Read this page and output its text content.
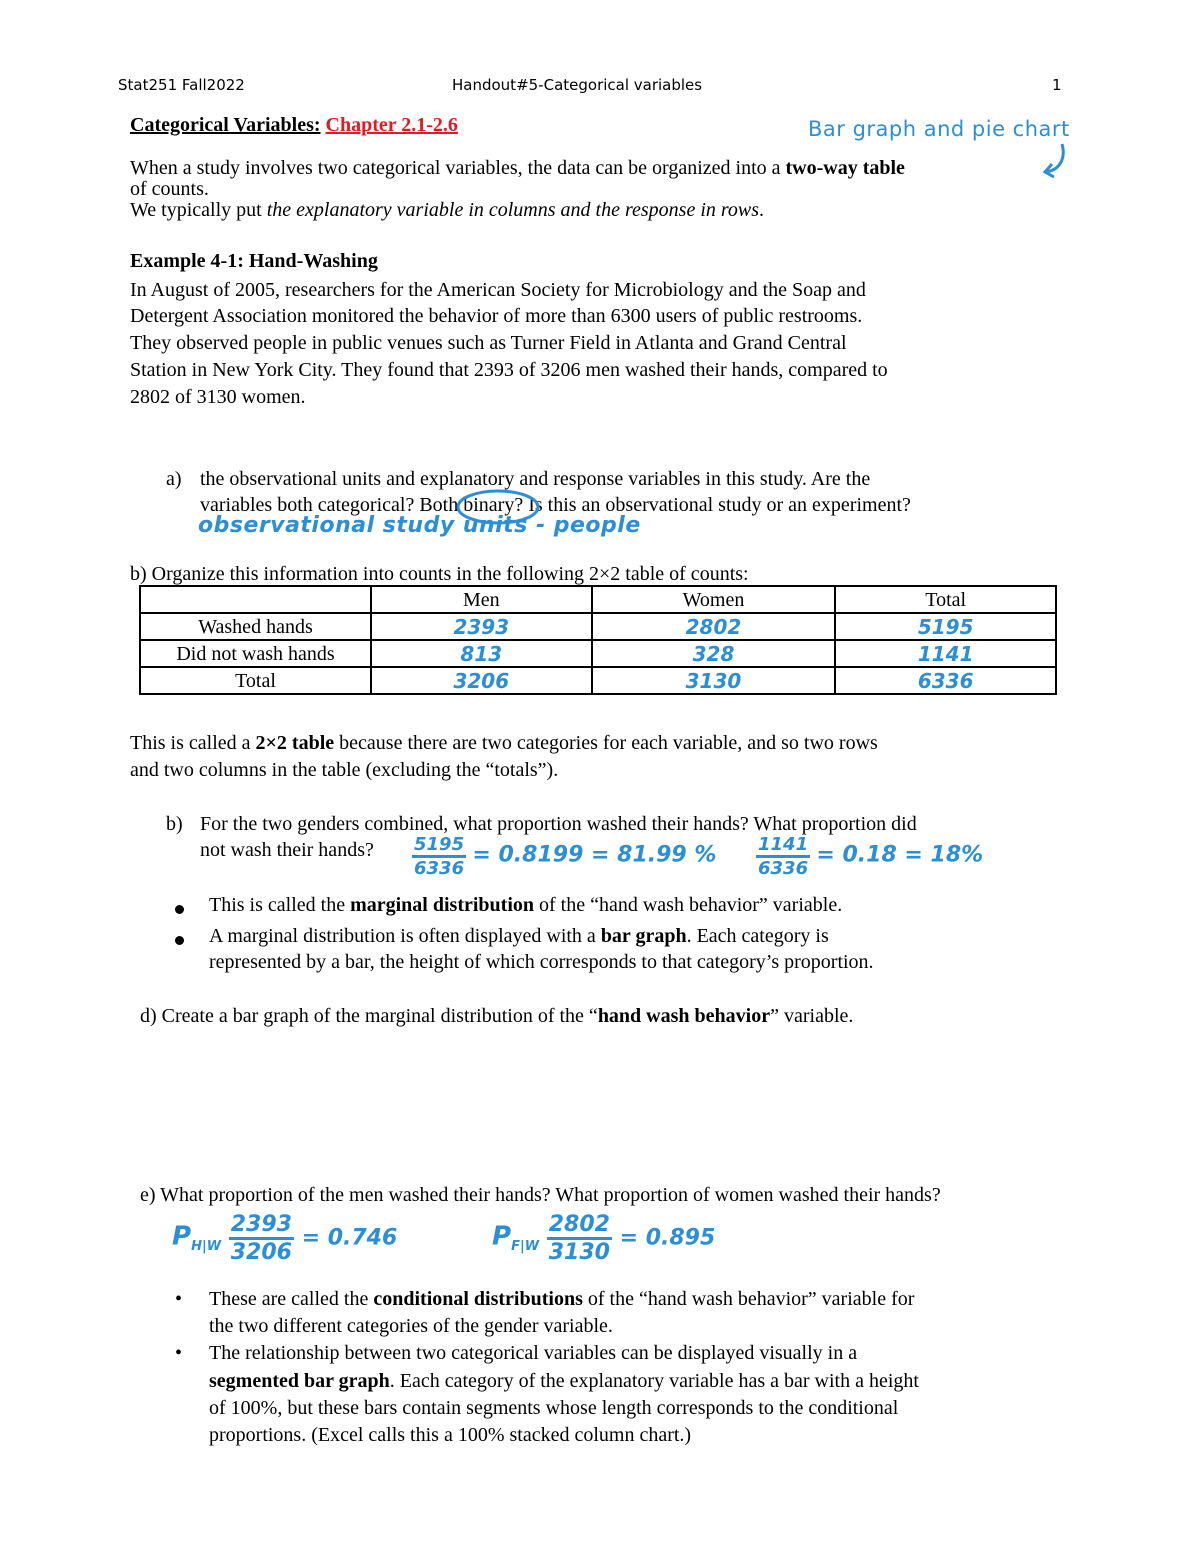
Stat251 Fall2022	Handout#5-Categorical variables	1
Categorical Variables: Chapter 2.1-2.6	Bar graph and pie chart
When a study involves two categorical variables, the data can be organized into a two-way table
of counts.
We typically put the explanatory variable in columns and the response in rows.
Example 4-1: Hand-Washing
In August of 2005, researchers for the American Society for Microbiology and the Soap and
Detergent Association monitored the behavior of more than 6300 users of public restrooms.
They observed people in public venues such as Turner Field in Atlanta and Grand Central
Station in New York City. They found that 2393 of 3206 men washed their hands, compared to
2802 of 3130 women.
a) the observational units and explanatory and response variables in this study. Are the
variables both categorical? Both binary?
Is this an observational study or an experiment?
observational study units - people
b) Organize this information into counts in the following 2×2 table of counts:
	Men	Women	Total
Washed hands	2393	2802	5195
Did not wash hands	813	328	1141
Total	3206	3130	6336
This is called a 2×2 table because there are two categories for each variable, and so two rows
and two columns in the table (excluding the “totals”).
b) For the two genders combined, what proportion washed their hands? What proportion did
not wash their hands? $\frac{5195}{6336} = 0.8199 = 81.99$ % $\frac{1141}{6336} = 0.18 = 18\%$
This is called the marginal distribution of the “hand wash behavior” variable.
A marginal distribution is often displayed with a bar graph. Each category is
represented by a bar, the height of which corresponds to that category’s proportion.
d) Create a bar graph of the marginal distribution of the “hand wash behavior” variable.
e) What proportion of the men washed their hands? What proportion of women washed their hands?
$P_{H|W} \frac{2393}{3206} = 0.746$	$P_{F|W} \frac{2802}{3130} = 0.895$
• These are called the conditional distributions of the “hand wash behavior” variable for
the two different categories of the gender variable.
• The relationship between two categorical variables can be displayed visually in a
segmented bar graph. Each category of the explanatory variable has a bar with a height
of 100%, but these bars contain segments whose length corresponds to the conditional
proportions. (Excel calls this a 100% stacked column chart.)
